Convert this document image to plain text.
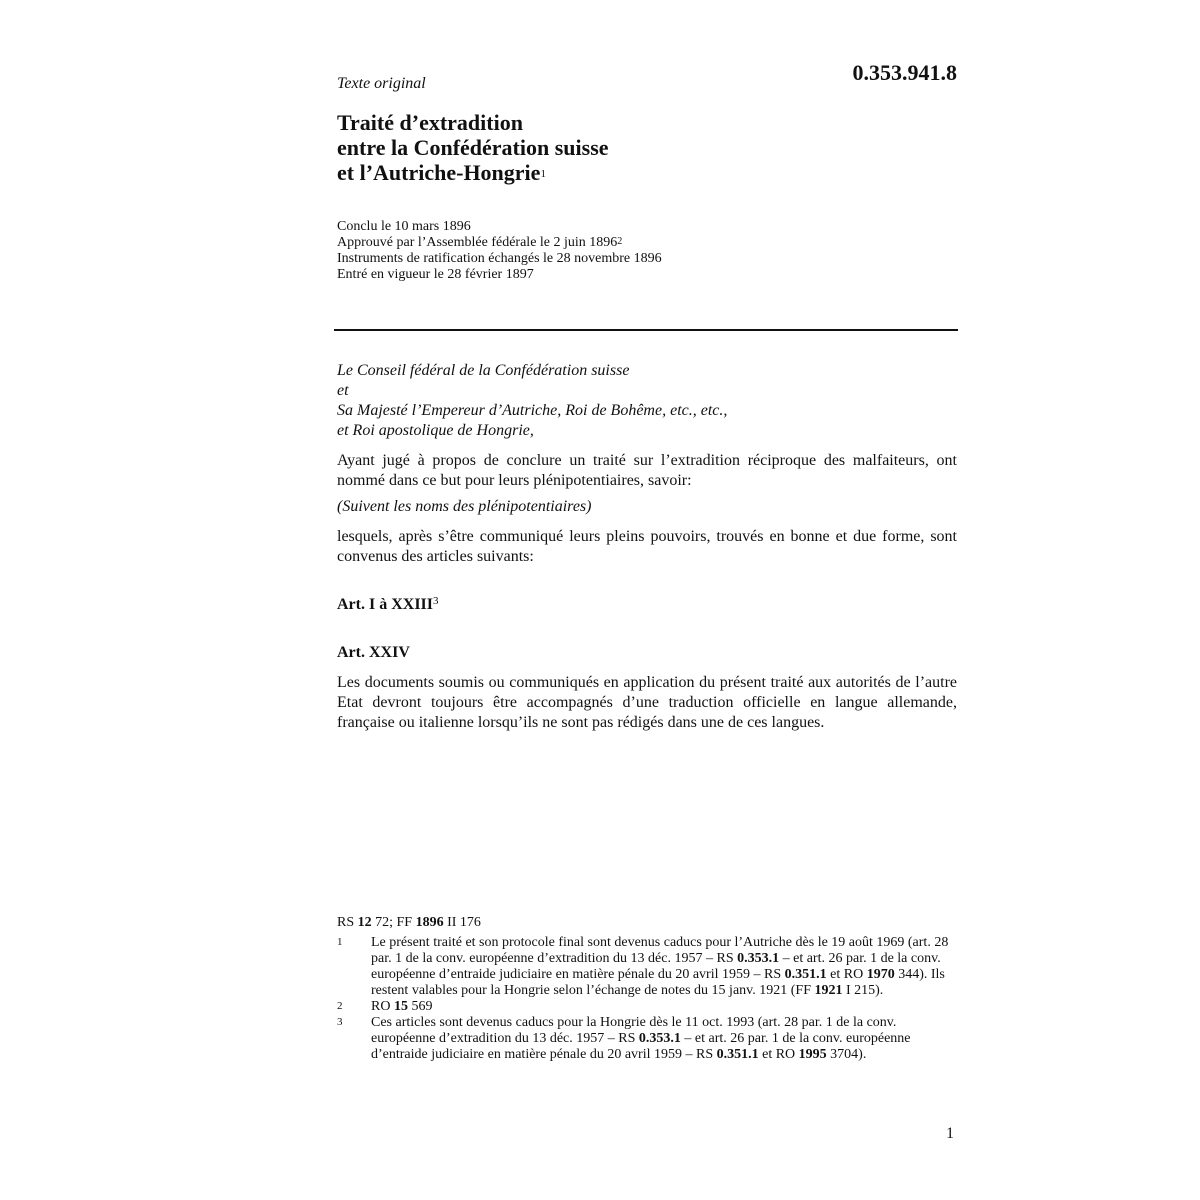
0.353.941.8
Texte original
Traité d’extradition
entre la Confédération suisse
et l’Autriche-Hongrie$^1$
Conclu le 10 mars 1896
Approuvé par l’Assemblée fédérale le 2 juin 1896$^2$
Instruments de ratification échangés le 28 novembre 1896
Entré en vigueur le 28 février 1897
Le Conseil fédéral de la Confédération suisse
et
Sa Majesté l’Empereur d’Autriche, Roi de Bohême, etc., etc.,
et Roi apostolique de Hongrie,
Ayant jugé à propos de conclure un traité sur l’extradition réciproque des malfaiteurs, ont nommé dans ce but pour leurs plénipotentiaires, savoir:
(Suivent les noms des plénipotentiaires)
lesquels, après s’être communiqué leurs pleins pouvoirs, trouvés en bonne et due forme, sont convenus des articles suivants:
Art. I à XXIII$^3$
Art. XXIV
Les documents soumis ou communiqués en application du présent traité aux autorités de l’autre Etat devront toujours être accompagnés d’une traduction officielle en langue allemande, française ou italienne lorsqu’ils ne sont pas rédigés dans une de ces langues.
RS 12 72; FF 1896 II 176
1	Le présent traité et son protocole final sont devenus caducs pour l’Autriche dès le 19 août 1969 (art. 28 par. 1 de la conv. européenne d’extradition du 13 déc. 1957 – RS 0.353.1 – et art. 26 par. 1 de la conv. européenne d’entraide judiciaire en matière pénale du 20 avril 1959 – RS 0.351.1 et RO 1970 344). Ils restent valables pour la Hongrie selon l’échange de notes du 15 janv. 1921 (FF 1921 I 215).
2	RO 15 569
3	Ces articles sont devenus caducs pour la Hongrie dès le 11 oct. 1993 (art. 28 par. 1 de la conv. européenne d’extradition du 13 déc. 1957 – RS 0.353.1 – et art. 26 par. 1 de la conv. européenne d’entraide judiciaire en matière pénale du 20 avril 1959 – RS 0.351.1 et RO 1995 3704).
1
